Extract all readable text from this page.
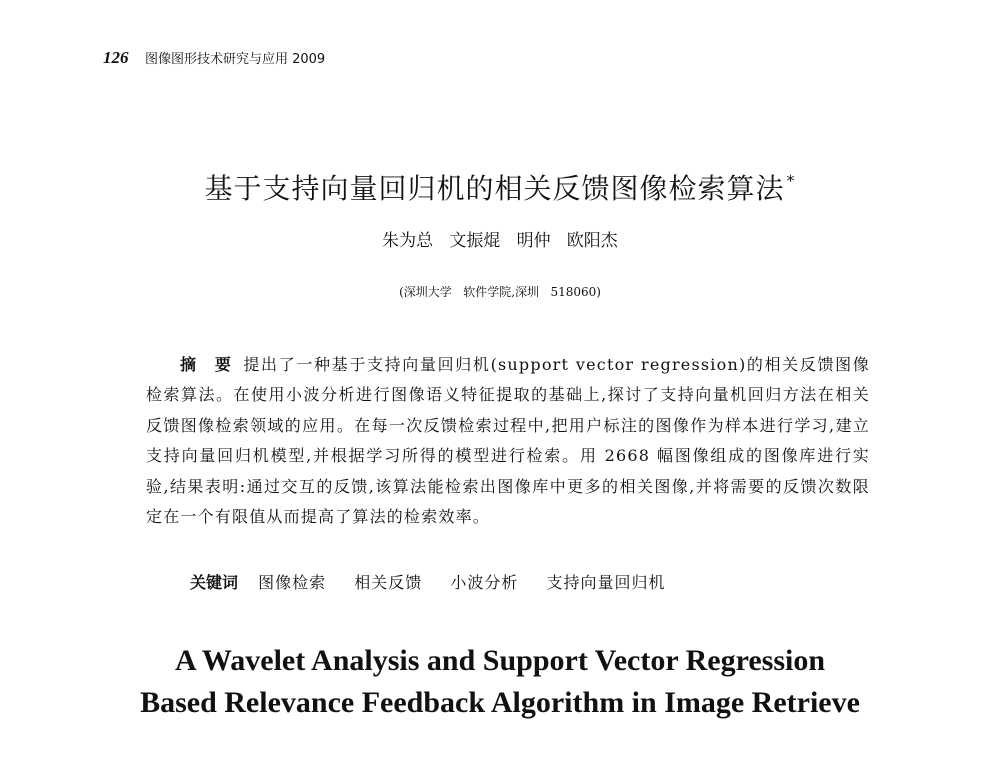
126 图像图形技术研究与应用 2009
基于支持向量回归机的相关反馈图像检索算法 *
朱为总   文振焜   明仲   欧阳杰
(深圳大学   软件学院,深圳   518060)
摘 要 提出了一种基于支持向量回归机(support vector regression)的相关反馈图像检索算法。在使用小波分析进行图像语义特征提取的基础上,探讨了支持向量机回归方法在相关反馈图像检索领域的应用。在每一次反馈检索过程中,把用户标注的图像作为样本进行学习,建立支持向量回归机模型,并根据学习所得的模型进行检索。用 2668 幅图像组成的图像库进行实验,结果表明:通过交互的反馈,该算法能检索出图像库中更多的相关图像,并将需要的反馈次数限定在一个有限值从而提高了算法的检索效率。
关键词 图像检索 相关反馈 小波分析 支持向量回归机
A Wavelet Analysis and Support Vector Regression
Based Relevance Feedback Algorithm in Image Retrieve
